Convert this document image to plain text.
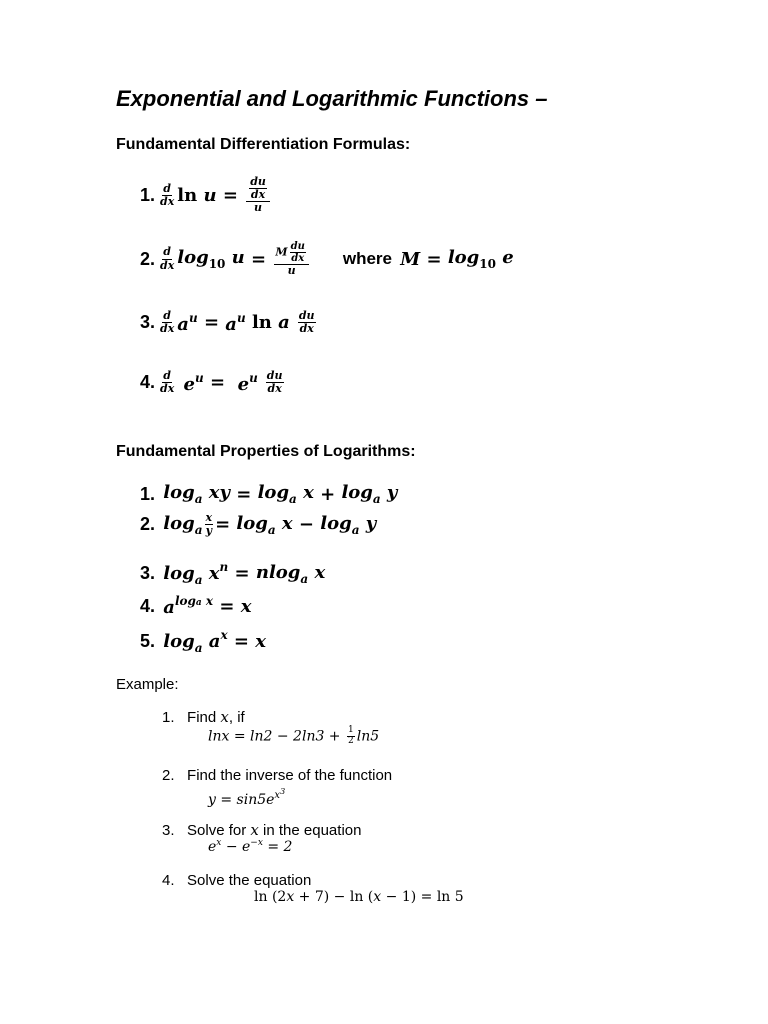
Exponential and Logarithmic Functions –
Fundamental Differentiation Formulas:
1. $\frac{d}{dx}$ $\ln u = \frac{\frac{du}{dx}}{u}$
2. $\frac{d}{dx} \log_{10} u = \frac{M \frac{du}{dx}}{u}$ where $M = \log_{10} e$
3. $\frac{d}{dx} a^u = a^u$ ln a $\frac{du}{dx}$
4. $\frac{d}{dx} e^u = e^u \frac{du}{dx}$
Fundamental Properties of Logarithms:
1. $\log_a$ xy = $\log_a x + \log_a y$
2. $\log_a \frac{x}{y} = \log_a x - \log_a y$
3. $\log_a x^n = nlog_a$ x
4. $a^{loga x} = x$
5. $\log_a a^x = x$
Example:
1. Find x, if
$\ln x = \ln 2 - 2\ln 3 + \frac{1}{2} \ln 5$
2. Find the inverse of the function
$y = \sin 5e^{x^3}$
3. Solve for x in the equation
$e^x - e^{-x} = 2$
4. Solve the equation
ln (2x + 7) − ln (x − 1) = ln 5
